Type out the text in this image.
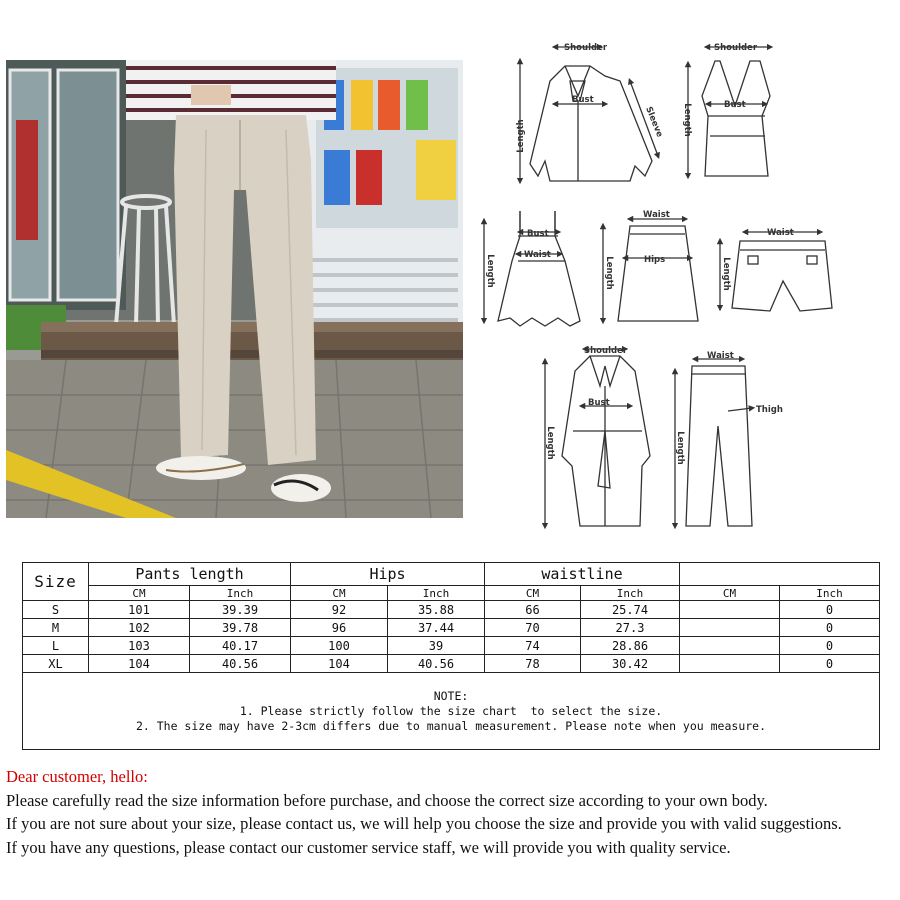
Shoulder
Bust
Length	Sleeve
Shoulder
Bust
Length
Bust
Waist
Length
Waist
Hips
Length
Waist
Length
Shoulder
Bust
Length
Waist
Thigh
Length
Size	Pants length		Hips		waistline			
	CM	Inch	CM	Inch	CM	Inch	CM	Inch
S	101	39.39	92	35.88	66	25.74		0
M	102	39.78	96	37.44	70	27.3		0
L	103	40.17	100	39	74	28.86		0
XL	104	40.56	104	40.56	78	30.42		0

NOTE:
1. Please strictly follow the size chart  to select the size.
2. The size may have 2-3cm differs due to manual measurement. Please note when you measure.								
Dear customer, hello:
Please carefully read the size information before purchase, and choose the correct size according to your own body.
If you are not sure about your size, please contact us, we will help you choose the size and provide you with valid suggestions.
If you have any questions, please contact our customer service staff, we will provide you with quality service.
